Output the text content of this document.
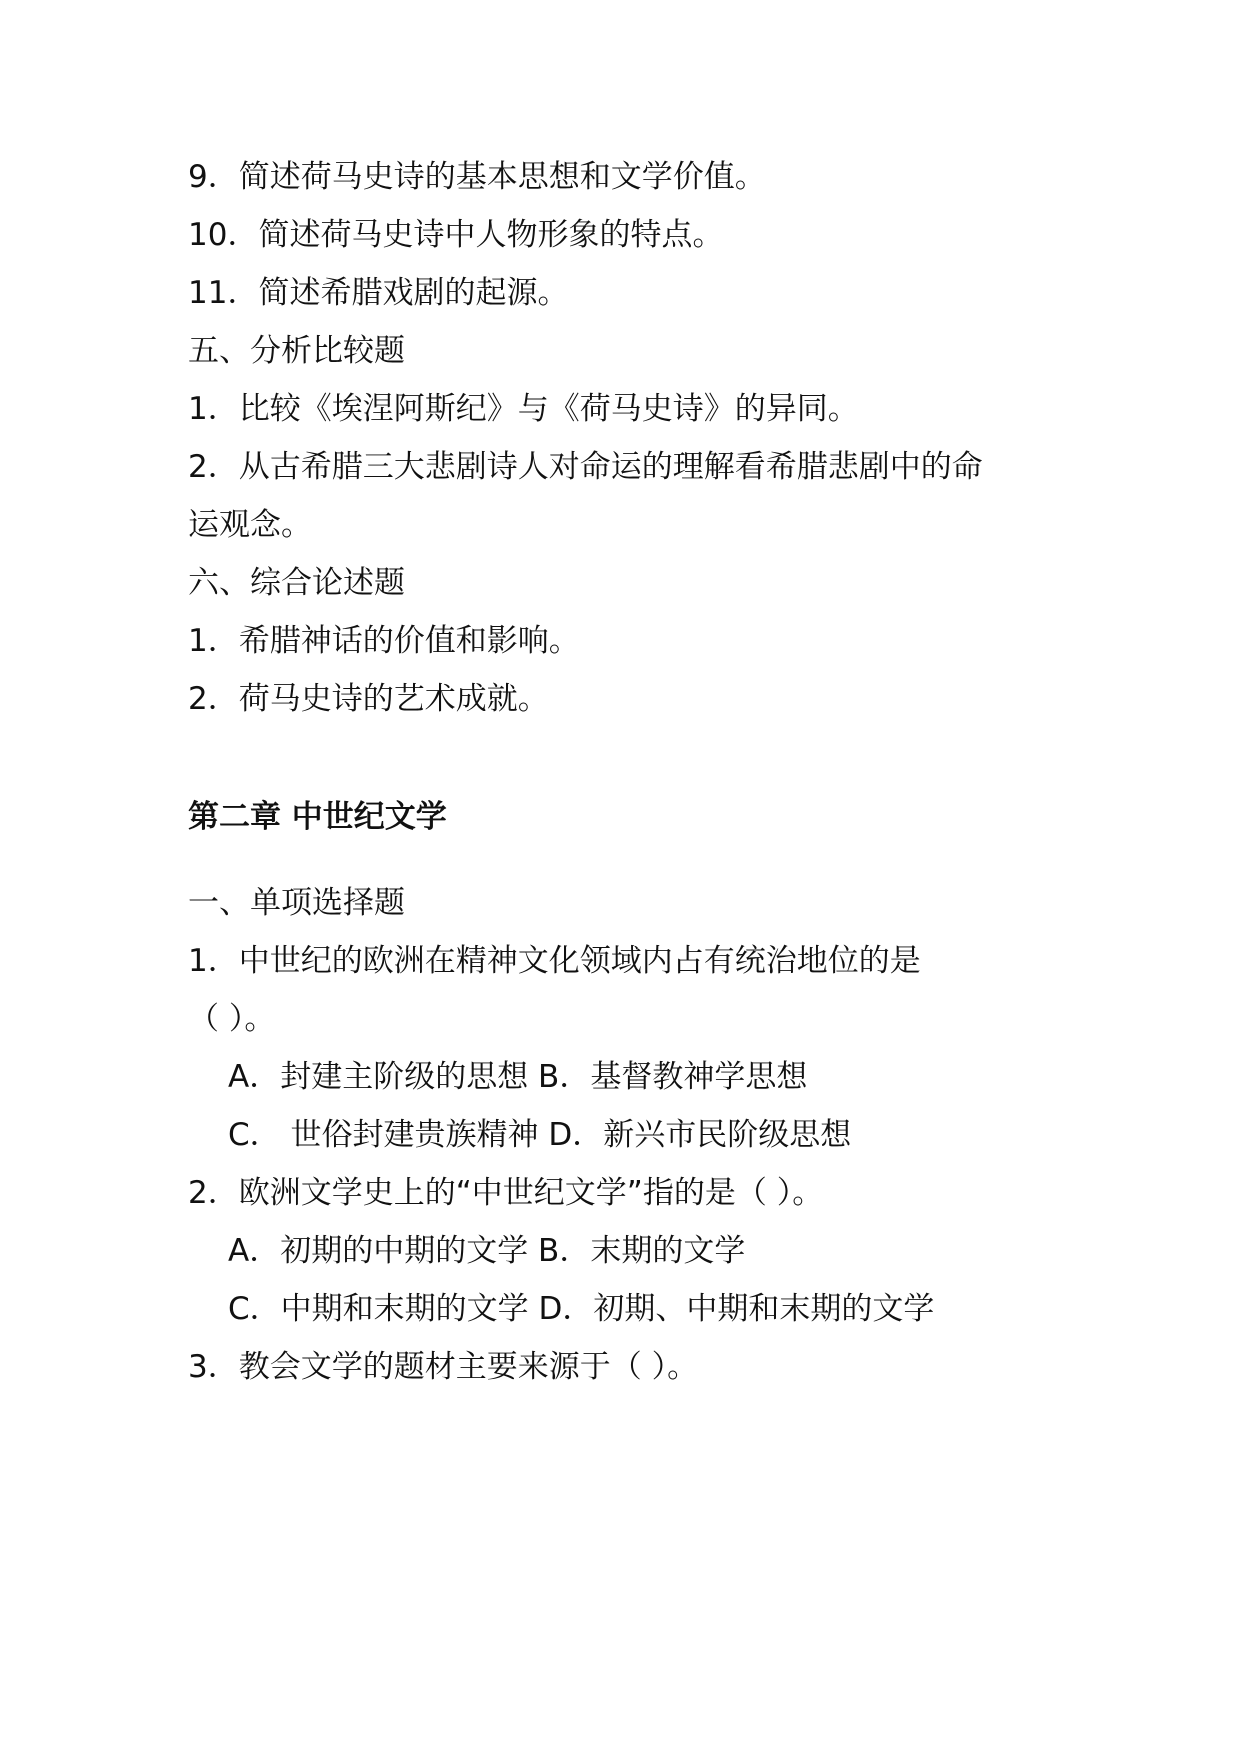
9．简述荷马史诗的基本思想和文学价值。
10．简述荷马史诗中人物形象的特点。
11．简述希腊戏剧的起源。
五、分析比较题
1．比较《埃涅阿斯纪》与《荷马史诗》的异同。
2．从古希腊三大悲剧诗人对命运的理解看希腊悲剧中的命
运观念。
六、综合论述题
1．希腊神话的价值和影响。
2．荷马史诗的艺术成就。
第二章 中世纪文学
一、单项选择题
1．中世纪的欧洲在精神文化领域内占有统治地位的是
（ ）。
A．封建主阶级的思想 B．基督教神学思想
C． 世俗封建贵族精神 D．新兴市民阶级思想
2．欧洲文学史上的“中世纪文学”指的是（ ）。
A．初期的中期的文学 B．末期的文学
C．中期和末期的文学 D．初期、中期和末期的文学
3．教会文学的题材主要来源于（ ）。
